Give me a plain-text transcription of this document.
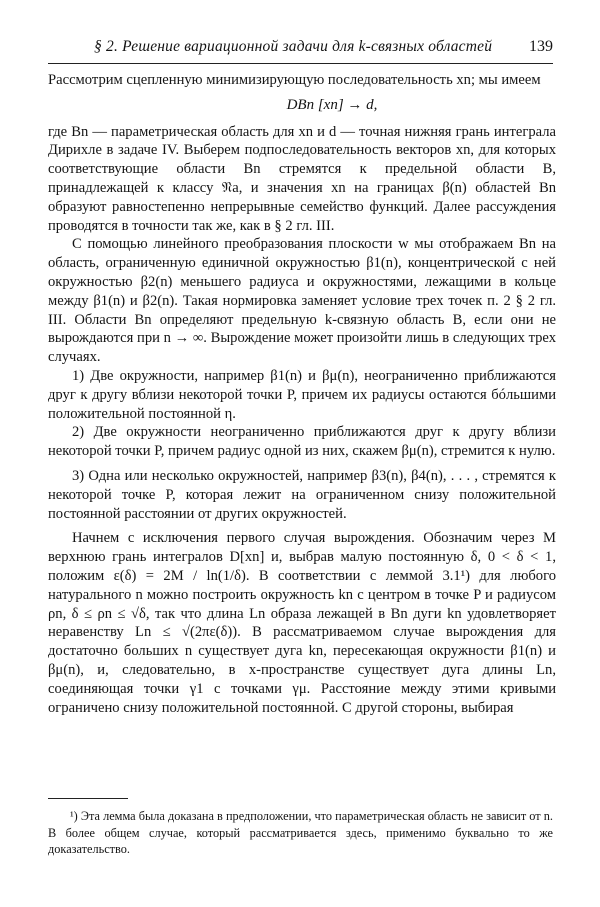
§ 2. Решение вариационной задачи для k-связных областей 139

Рассмотрим сцепленную минимизирующую последовательность xn; мы имеем

DBn [xn] → d,

где Bn — параметрическая область для xn и d — точная нижняя грань интеграла Дирихле в задаче IV. Выберем подпоследовательность векторов xn, для которых соответствующие области Bn стремятся к предельной области B, принадлежащей к классу 𝔑a, и значения xn на границах β(n) областей Bn образуют равностепенно непрерывные семейство функций. Далее рассуждения проводятся в точности так же, как в § 2 гл. III.

С помощью линейного преобразования плоскости w мы отображаем Bn на область, ограниченную единичной окружностью β1(n), концентрической с ней окружностью β2(n) меньшего радиуса и окружностями, лежащими в кольце между β1(n) и β2(n). Такая нормировка заменяет условие трех точек п. 2 § 2 гл. III. Области Bn определяют предельную k-связную область B, если они не вырождаются при n → ∞. Вырождение может произойти лишь в следующих трех случаях.

1) Две окружности, например β1(n) и βμ(n), неограниченно приближаются друг к другу вблизи некоторой точки P, причем их радиусы остаются бóльшими положительной постоянной η.

2) Две окружности неограниченно приближаются друг к другу вблизи некоторой точки P, причем радиус одной из них, скажем βμ(n), стремится к нулю.

3) Одна или несколько окружностей, например β3(n), β4(n), . . . , стремятся к некоторой точке P, которая лежит на ограниченном снизу положительной постоянной расстоянии от других окружностей.

Начнем с исключения первого случая вырождения. Обозначим через M верхнюю грань интегралов D[xn] и, выбрав малую постоянную δ, 0 < δ < 1, положим ε(δ) = 2M / ln(1/δ). В соответствии с леммой 3.1¹) для любого натурального n можно построить окружность kn с центром в точке P и радиусом ρn, δ ≤ ρn ≤ √δ, так что длина Ln образа лежащей в Bn дуги kn удовлетворяет неравенству Ln ≤ √(2πε(δ)). В рассматриваемом случае вырождения для достаточно больших n существует дуга kn, пересекающая окружности β1(n) и βμ(n), и, следовательно, в x-пространстве существует дуга длины Ln, соединяющая точки γ1 с точками γμ. Расстояние между этими кривыми ограничено снизу положительной постоянной. С другой стороны, выбирая

¹) Эта лемма была доказана в предположении, что параметрическая область не зависит от n. В более общем случае, который рассматривается здесь, применимо буквально то же доказательство.
